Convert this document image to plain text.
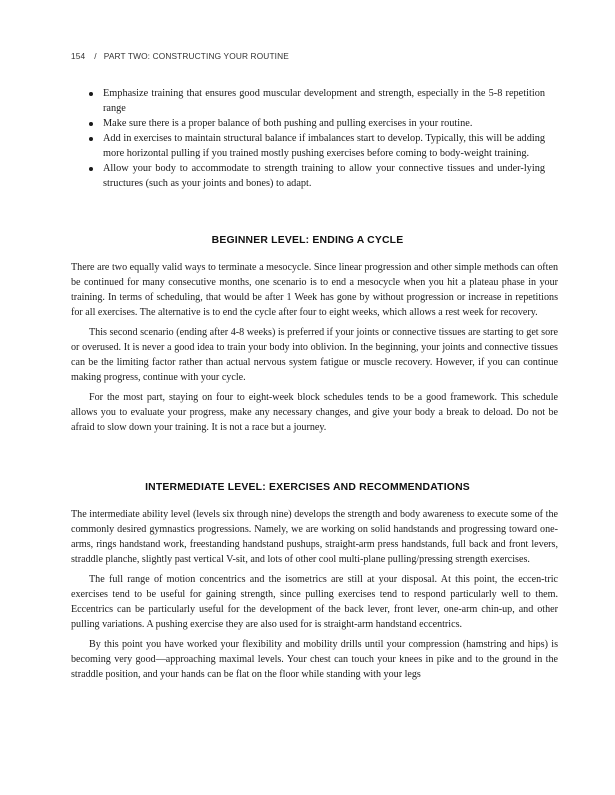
154 / PART TWO: CONSTRUCTING YOUR ROUTINE
Emphasize training that ensures good muscular development and strength, especially in the 5-8 repetition range
Make sure there is a proper balance of both pushing and pulling exercises in your routine.
Add in exercises to maintain structural balance if imbalances start to develop. Typically, this will be adding more horizontal pulling if you trained mostly pushing exercises before coming to body-weight training.
Allow your body to accommodate to strength training to allow your connective tissues and under-lying structures (such as your joints and bones) to adapt.
BEGINNER LEVEL: ENDING A CYCLE

There are two equally valid ways to terminate a mesocycle. Since linear progression and other simple methods can often be continued for many consecutive months, one scenario is to end a mesocycle when you hit a plateau phase in your training. In terms of scheduling, that would be after 1 Week has gone by without progression or increase in repetitions for all exercises. The alternative is to end the cycle after four to eight weeks, which allows a rest week for recovery.

This second scenario (ending after 4-8 weeks) is preferred if your joints or connective tissues are starting to get sore or overused. It is never a good idea to train your body into oblivion. In the beginning, your joints and connective tissues can be the limiting factor rather than actual nervous system fatigue or muscle recovery. However, if you can continue making progress, continue with your cycle.

For the most part, staying on four to eight-week block schedules tends to be a good framework. This schedule allows you to evaluate your progress, make any necessary changes, and give your body a break to deload. Do not be afraid to slow down your training. It is not a race but a journey.

INTERMEDIATE LEVEL: EXERCISES AND RECOMMENDATIONS

The intermediate ability level (levels six through nine) develops the strength and body awareness to execute some of the commonly desired gymnastics progressions. Namely, we are working on solid handstands and progressing toward one-arms, rings handstand work, freestanding handstand pushups, straight-arm press handstands, full back and front levers, straddle planche, slightly past vertical V-sit, and lots of other cool multi-plane pulling/pressing strength exercises.

The full range of motion concentrics and the isometrics are still at your disposal. At this point, the eccen-tric exercises tend to be useful for gaining strength, since pulling exercises tend to respond particularly well to them. Eccentrics can be particularly useful for the development of the back lever, front lever, one-arm chin-up, and other pulling variations. A pushing exercise they are also used for is straight-arm handstand eccentrics.

By this point you have worked your flexibility and mobility drills until your compression (hamstring and hips) is becoming very good—approaching maximal levels. Your chest can touch your knees in pike and to the ground in the straddle position, and your hands can be flat on the floor while standing with your legs
